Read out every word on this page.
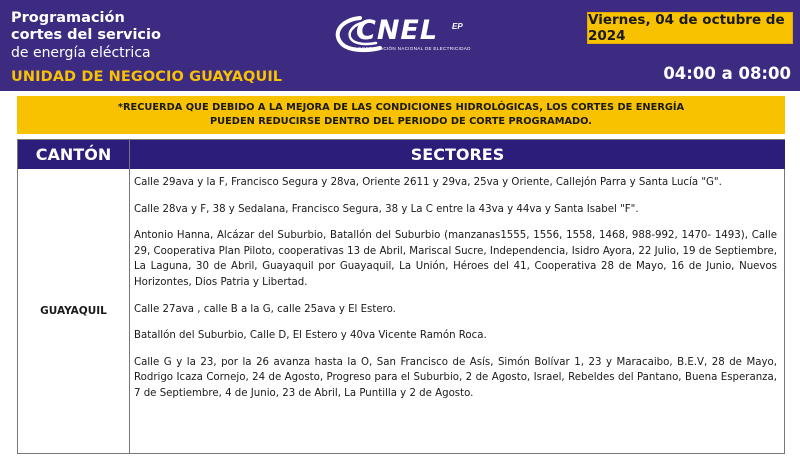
Programación
cortes del servicio
de energía eléctrica
UNIDAD DE NEGOCIO GUAYAQUIL
CNEL EP
CORPORACIÓN NACIONAL DE ELECTRICIDAD
Viernes, 04 de octubre de 2024
04:00 a 08:00
*RECUERDA QUE DEBIDO A LA MEJORA DE LAS CONDICIONES HIDROLÓGICAS, LOS CORTES DE ENERGÍA
PUEDEN REDUCIRSE DENTRO DEL PERIODO DE CORTE PROGRAMADO.
CANTÓN	SECTORES
GUAYAQUIL

Calle 29ava y la F, Francisco Segura y 28va, Oriente 2611 y 29va, 25va y Oriente, Callejón Parra y Santa Lucía "G".

Calle 28va y F, 38 y Sedalana, Francisco Segura, 38 y La C entre la 43va y 44va y Santa Isabel "F".

Antonio Hanna, Alcázar del Suburbio, Batallón del Suburbio (manzanas1555, 1556, 1558, 1468, 988-992, 1470- 1493), Calle 29, Cooperativa Plan Piloto, cooperativas 13 de Abril, Mariscal Sucre, Independencia, Isidro Ayora, 22 Julio, 19 de Septiembre, La Laguna, 30 de Abril, Guayaquil por Guayaquil, La Unión, Héroes del 41, Cooperativa 28 de Mayo, 16 de Junio, Nuevos Horizontes, Dios Patria y Libertad.

Calle 27ava , calle B a la G, calle 25ava y El Estero.

Batallón del Suburbio, Calle D, El Estero y 40va Vicente Ramón Roca.

Calle G y la 23, por la 26 avanza hasta la O, San Francisco de Asís, Simón Bolívar 1, 23 y Maracaibo, B.E.V, 28 de Mayo, Rodrigo Icaza Cornejo, 24 de Agosto, Progreso para el Suburbio, 2 de Agosto, Israel, Rebeldes del Pantano, Buena Esperanza, 7 de Septiembre, 4 de Junio, 23 de Abril, La Puntilla y 2 de Agosto.
